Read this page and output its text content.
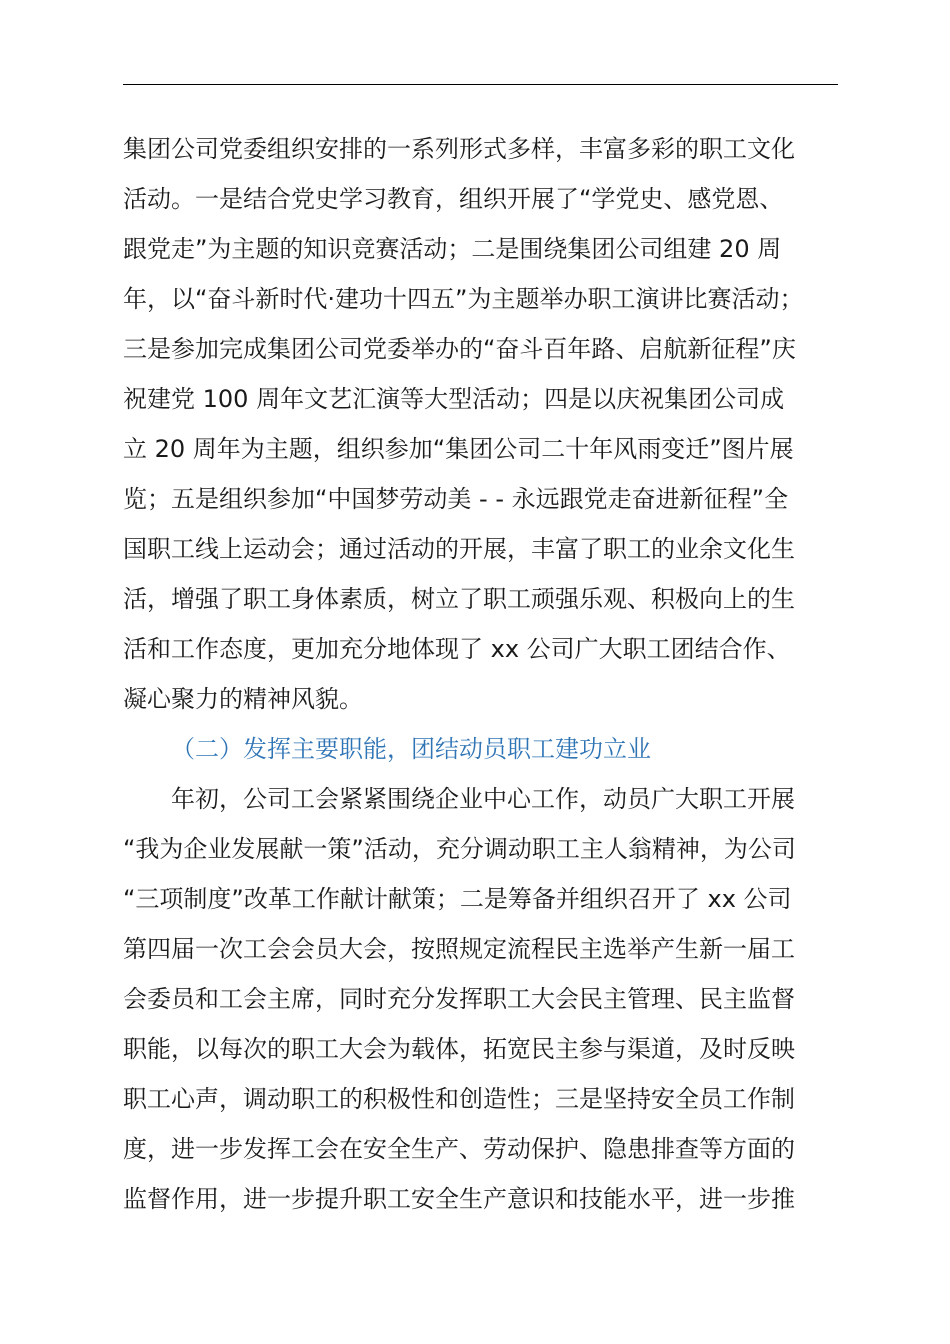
集团公司党委组织安排的一系列形式多样，丰富多彩的职工文化
活动。一是结合党史学习教育，组织开展了“学党史、感党恩、
跟党走”为主题的知识竞赛活动；二是围绕集团公司组建 20 周
年，以“奋斗新时代·建功十四五”为主题举办职工演讲比赛活动；
三是参加完成集团公司党委举办的“奋斗百年路、启航新征程”庆
祝建党 100 周年文艺汇演等大型活动；四是以庆祝集团公司成
立 20 周年为主题，组织参加“集团公司二十年风雨变迁”图片展
览；五是组织参加“中国梦劳动美 - - 永远跟党走奋进新征程”全
国职工线上运动会；通过活动的开展，丰富了职工的业余文化生
活，增强了职工身体素质，树立了职工顽强乐观、积极向上的生
活和工作态度，更加充分地体现了 xx 公司广大职工团结合作、
凝心聚力的精神风貌。
（二）发挥主要职能，团结动员职工建功立业
年初，公司工会紧紧围绕企业中心工作，动员广大职工开展
“我为企业发展献一策”活动，充分调动职工主人翁精神，为公司
“三项制度”改革工作献计献策；二是筹备并组织召开了 xx 公司
第四届一次工会会员大会，按照规定流程民主选举产生新一届工
会委员和工会主席，同时充分发挥职工大会民主管理、民主监督
职能，以每次的职工大会为载体，拓宽民主参与渠道，及时反映
职工心声，调动职工的积极性和创造性；三是坚持安全员工作制
度，进一步发挥工会在安全生产、劳动保护、隐患排查等方面的
监督作用，进一步提升职工安全生产意识和技能水平，进一步推
